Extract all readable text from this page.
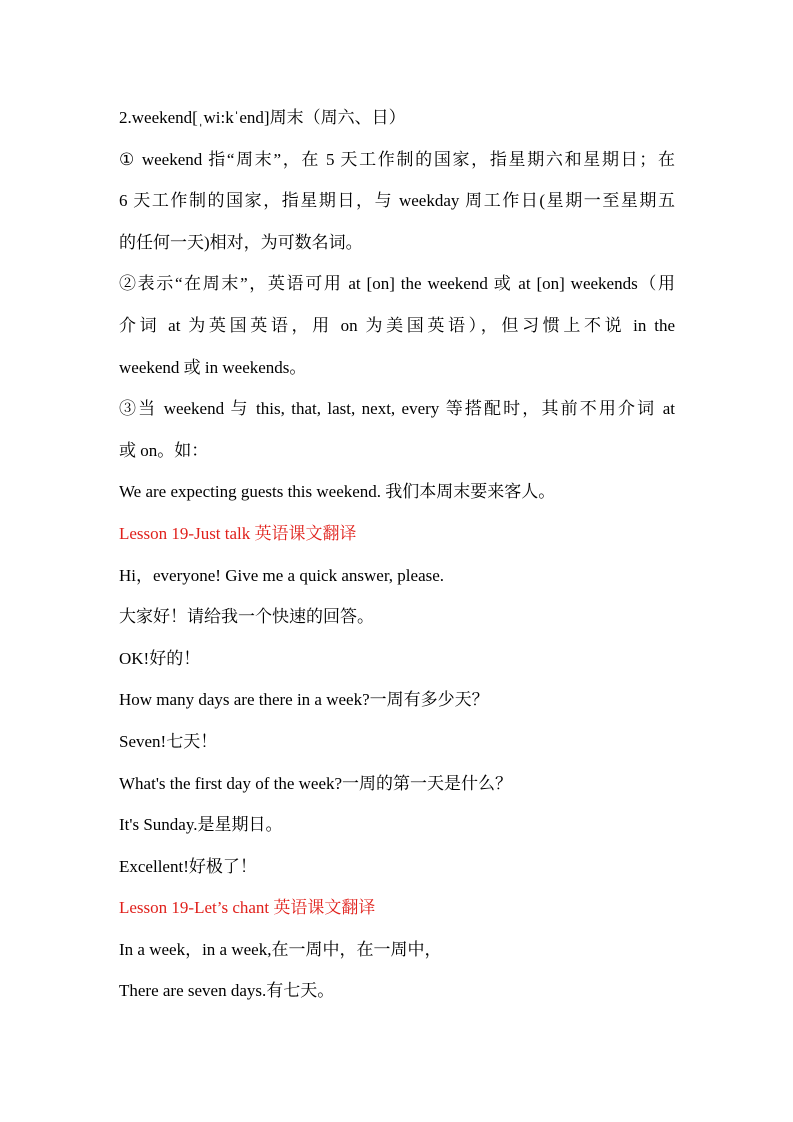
2.weekend[ˌwi:kˈend]周末（周六、日）
① weekend 指“周末”，在 5 天工作制的国家，指星期六和星期日；在
6 天工作制的国家，指星期日，与 weekday 周工作日(星期一至星期五
的任何一天)相对，为可数名词。
②表示“在周末”，英语可用 at [on] the weekend 或 at [on] weekends（用
介词 at 为英国英语，用 on 为美国英语），但习惯上不说 in the
weekend 或 in weekends。
③当 weekend 与 this, that, last, next, every 等搭配时，其前不用介词 at
或 on。如：
We are expecting guests this weekend. 我们本周末要来客人。
Lesson 19-Just talk 英语课文翻译
Hi，everyone! Give me a quick answer, please.
大家好！请给我一个快速的回答。
OK!好的！
How many days are there in a week?一周有多少天？
Seven!七天！
What's the first day of the week?一周的第一天是什么？
It's Sunday.是星期日。
Excellent!好极了！
Lesson 19-Let’s chant 英语课文翻译
In a week，in a week,在一周中，在一周中，
There are seven days.有七天。
